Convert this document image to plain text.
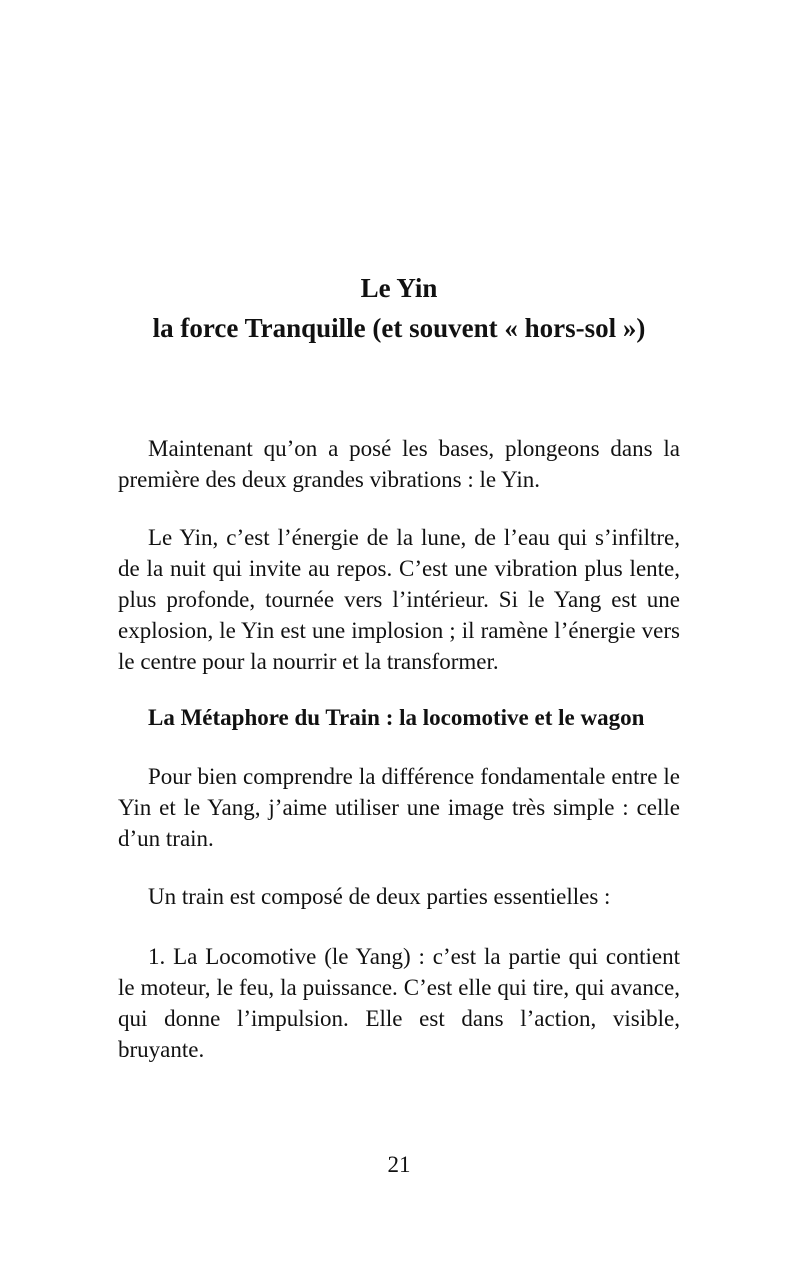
Le Yin
la force Tranquille (et souvent « hors-sol »)

Maintenant qu’on a posé les bases, plongeons dans la première des deux grandes vibrations : le Yin.

Le Yin, c’est l’énergie de la lune, de l’eau qui s’infiltre, de la nuit qui invite au repos. C’est une vibration plus lente, plus profonde, tournée vers l’intérieur. Si le Yang est une explosion, le Yin est une implosion ; il ramène l’énergie vers le centre pour la nourrir et la transformer.

La Métaphore du Train : la locomotive et le wagon

Pour bien comprendre la différence fondamentale entre le Yin et le Yang, j’aime utiliser une image très simple : celle d’un train.

Un train est composé de deux parties essentielles :

1. La Locomotive (le Yang) : c’est la partie qui contient le moteur, le feu, la puissance. C’est elle qui tire, qui avance, qui donne l’impulsion. Elle est dans l’action, visible, bruyante.

21
